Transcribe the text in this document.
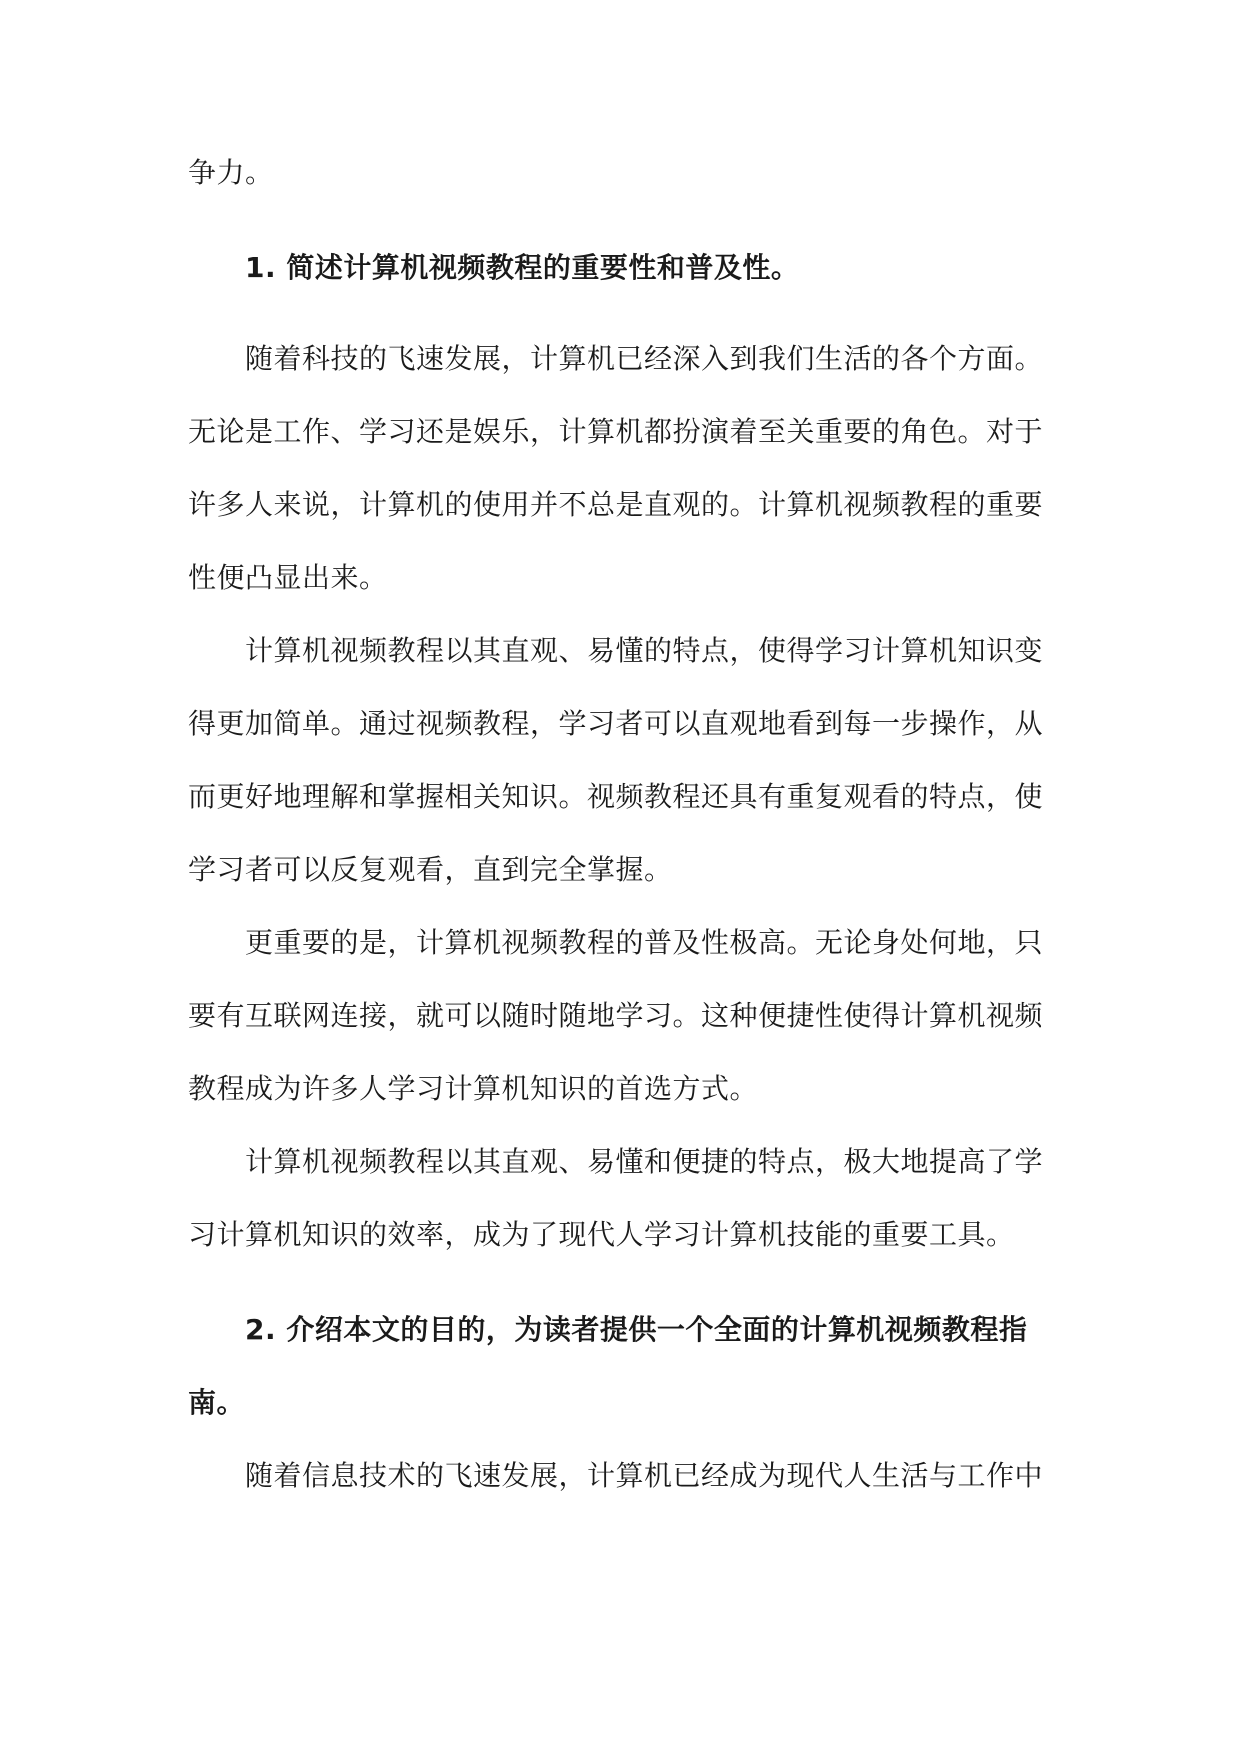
争力。

1. 简述计算机视频教程的重要性和普及性。

随着科技的飞速发展，计算机已经深入到我们生活的各个方面。

无论是工作、学习还是娱乐，计算机都扮演着至关重要的角色。对于

许多人来说，计算机的使用并不总是直观的。计算机视频教程的重要

性便凸显出来。

计算机视频教程以其直观、易懂的特点，使得学习计算机知识变

得更加简单。通过视频教程，学习者可以直观地看到每一步操作，从

而更好地理解和掌握相关知识。视频教程还具有重复观看的特点，使

学习者可以反复观看，直到完全掌握。

更重要的是，计算机视频教程的普及性极高。无论身处何地，只

要有互联网连接，就可以随时随地学习。这种便捷性使得计算机视频

教程成为许多人学习计算机知识的首选方式。

计算机视频教程以其直观、易懂和便捷的特点，极大地提高了学

习计算机知识的效率，成为了现代人学习计算机技能的重要工具。

2. 介绍本文的目的，为读者提供一个全面的计算机视频教程指

南。

随着信息技术的飞速发展，计算机已经成为现代人生活与工作中
